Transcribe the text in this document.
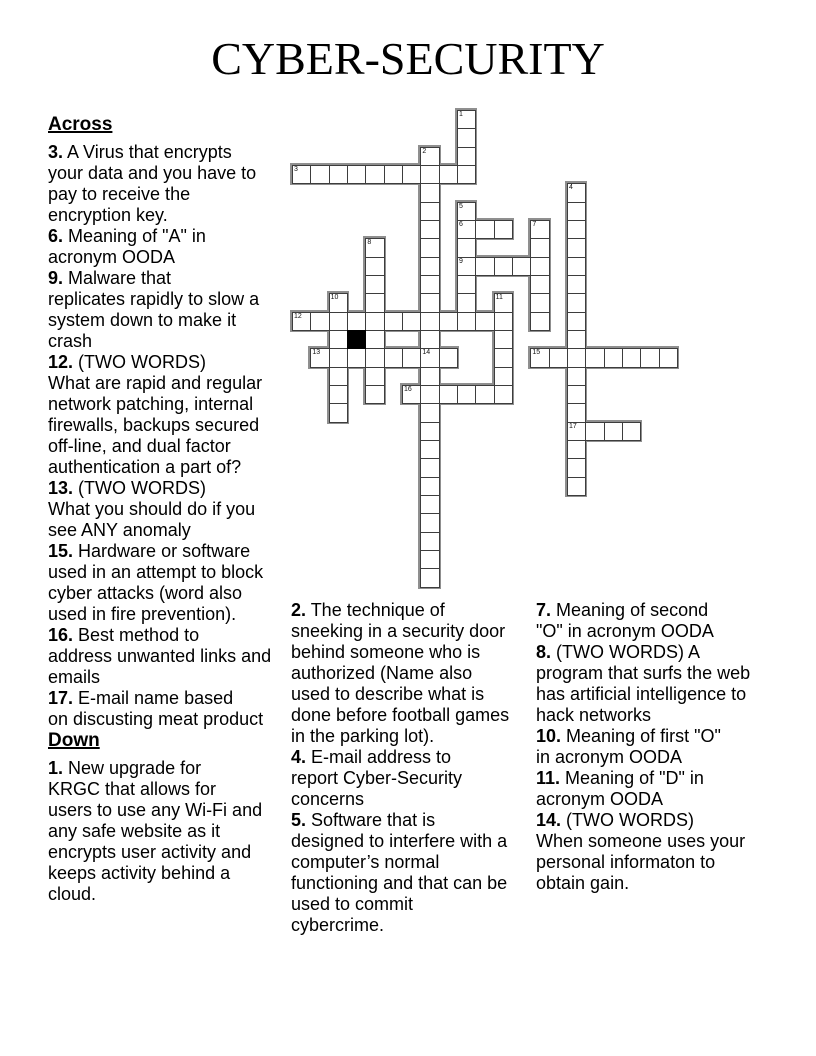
CYBER-SECURITY
3
6
9
12
13	14	15
16
17
1
2
4
5
7
8
10	11
Across
3. A Virus that encrypts
your data and you have to
pay to receive the
encryption key.
6. Meaning of "A" in
acronym OODA
9. Malware that
replicates rapidly to slow a
system down to make it
crash
12. (TWO WORDS)
What are rapid and regular
network patching, internal
firewalls, backups secured
off-line, and dual factor
authentication a part of?
13. (TWO WORDS)
What you should do if you
see ANY anomaly
15. Hardware or software
used in an attempt to block
cyber attacks (word also
used in fire prevention).
16. Best method to
address unwanted links and
emails
17. E-mail name based
on discusting meat product
Down
1. New upgrade for
KRGC that allows for
users to use any Wi-Fi and
any safe website as it
encrypts user activity and
keeps activity behind a
cloud.
2. The technique of
sneeking in a security door
behind someone who is
authorized (Name also
used to describe what is
done before football games
in the parking lot).
4. E-mail address to
report Cyber-Security
concerns
5. Software that is
designed to interfere with a
computer’s normal
functioning and that can be
used to commit
cybercrime.
7. Meaning of second
"O" in acronym OODA
8. (TWO WORDS) A
program that surfs the web
has artificial intelligence to
hack networks
10. Meaning of first "O"
in acronym OODA
11. Meaning of "D" in
acronym OODA
14. (TWO WORDS)
When someone uses your
personal informaton to
obtain gain.
